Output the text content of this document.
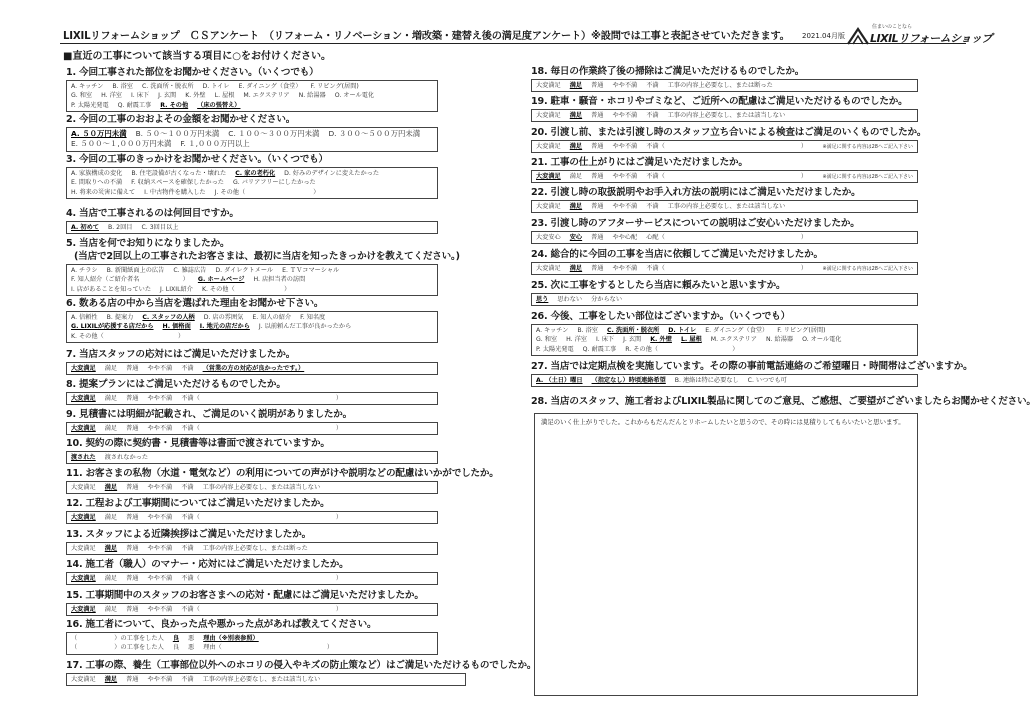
LIXILリフォームショップ　ＣＳアンケート　（リフォーム・リノベーション・増改築・建替え後の満足度アンケート）※設問では工事と表記させていただきます。 2021.04月版
住まいのことなら
LIXILリフォームショップ
■直近の工事について該当する項目に○をお付けください。
1. 今回工事された部位をお聞かせください。（いくつでも）
A. キッチン B. 浴室 C. 洗面所・脱衣所 D. トイレ E. ダイニング（食堂） F. リビング(居間)
G. 和室 H. 洋室 I. 床下 J. 玄関 K. 外壁 L. 屋根 M. エクステリア N. 給湯器 O. オール電化
P. 太陽光発電 Q. 耐震工事 R. その他 （床の張替え）
2. 今回の工事のおおよその金額をお聞かせください。
A. ５０万円未満 B. ５０～１００万円未満 C. １００～３００万円未満 D. ３００～５００万円未満
E. ５００～１,０００万円未満 F. １,０００万円以上
3. 今回の工事のきっかけをお聞かせください。（いくつでも）
A. 家族構成の変化 B. 住宅設備が古くなった・壊れた C. 家の老朽化 D. 好みのデザインに変えたかった
E. 間取りへの不満 F. 収納スペースを確保したかった G. バリアフリーにしたかった
H. 将来の災害に備えて I. 中古物件を購入した J. その他（　　　　　　　　　　　）
4. 当店で工事されるのは何回目ですか。
A. 初めて B. 2回目 C. 3回目以上
5. 当店を何でお知りになりましたか。
(当店で2回以上の工事されたお客さまは、最初に当店を知ったきっかけを教えてください。)
A. チラシ B. 新聞紙面上の広告 C. 雑誌広告 D. ダイレクトメール E. ＴＶコマーシャル
F. 知人紹介（ご紹介者名　　　　　　　） G. ホームページ H. 店担当者の訪問
I. 店があることを知っていた J. LIXIL紹介 K. その他（　　　　　　　　）
6. 数ある店の中から当店を選ばれた理由をお聞かせ下さい。
A. 信頼性 B. 提案力 C. スタッフの人柄 D. 店の雰囲気 E. 知人の紹介 F. 知名度
G. LIXILが応援する店だから H. 価格面 I. 地元の店だから J. 以前頼んだ工事が良かったから
K. その他（　　　　　　　　　　　　）
7. 当店スタッフの応対にはご満足いただけましたか。
大変満足 満足 普通 やや不満 不満 （営業の方の対応が良かったです。）
8. 提案プランにはご満足いただけるものでしたか。
大変満足 満足 普通 やや不満 不満（　　　　　　　　　　　　　　　　　　　　　　）
9. 見積書には明細が記載され、ご満足のいく説明がありましたか。
大変満足 満足 普通 やや不満 不満（　　　　　　　　　　　　　　　　　　　　　　）
10. 契約の際に契約書・見積書等は書面で渡されていますか。
渡された 渡されなかった
11. お客さまの私物（水道・電気など）の利用についての声がけや説明などの配慮はいかがでしたか。
大変満足 満足 普通 やや不満 不満 工事の内容上必要なし、または該当しない
12. 工程および工事期間についてはご満足いただけましたか。
大変満足 満足 普通 やや不満 不満（　　　　　　　　　　　　　　　　　　　　　　）
13. スタッフによる近隣挨拶はご満足いただけましたか。
大変満足 満足 普通 やや不満 不満 工事の内容上必要なし、または断った
14. 施工者（職人）のマナー・応対にはご満足いただけましたか。
大変満足 満足 普通 やや不満 不満（　　　　　　　　　　　　　　　　　　　　　　）
15. 工事期間中のスタッフのお客さまへの応対・配慮にはご満足いただけましたか。
大変満足 満足 普通 やや不満 不満（　　　　　　　　　　　　　　　　　　　　　　）
16. 施工者について、良かった点や悪かった点があれば教えてください。
（　　　　　　）の工事をした人 良 悪 理由（※別表参照）
（　　　　　　）の工事をした人 良 悪 理由（　　　　　　　　　　　　　　　　　）
17. 工事の際、養生（工事部位以外へのホコリの侵入やキズの防止策など）はご満足いただけるものでしたか。
大変満足 満足 普通 やや不満 不満 工事の内容上必要なし、または該当しない
18. 毎日の作業終了後の掃除はご満足いただけるものでしたか。
大変満足 満足 普通 やや不満 不満 工事の内容上必要なし、または断った
19. 駐車・騒音・ホコリやゴミなど、ご近所への配慮はご満足いただけるものでしたか。
大変満足 満足 普通 やや不満 不満 工事の内容上必要なし、または該当しない
20. 引渡し前、または引渡し時のスタッフ立ち合いによる検査はご満足のいくものでしたか。
大変満足 満足 普通 やや不満 不満（　　　　　　　　　　　　　　　　　　　　　　）	※満足に関する内容は28へご記入下さい
21. 工事の仕上がりにはご満足いただけましたか。
大変満足 満足 普通 やや不満 不満（　　　　　　　　　　　　　　　　　　　　　　）	※満足に関する内容は28へご記入下さい
22. 引渡し時の取扱説明やお手入れ方法の説明にはご満足いただけましたか。
大変満足 満足 普通 やや不満 不満 工事の内容上必要なし、または該当しない
23. 引渡し時のアフターサービスについての説明はご安心いただけましたか。
大変安心 安心 普通 やや心配 心配（　　　　　　　　　　　　　　　　　　　　　　）
24. 総合的に今回の工事を当店に依頼してご満足いただけましたか。
大変満足 満足 普通 やや不満 不満（　　　　　　　　　　　　　　　　　　　　　　）	※満足に関する内容は28へご記入下さい
25. 次に工事をするとしたら当店に頼みたいと思いますか。
思う 思わない 分からない
26. 今後、工事をしたい部位はございますか。（いくつでも）
A. キッチン B. 浴室 C. 洗面所・脱衣所 D. トイレ E. ダイニング（食堂） F. リビング(居間)
G. 和室 H. 洋室 I. 床下 J. 玄関 K. 外壁 L. 屋根 M. エクステリア N. 給湯器 O. オール電化
P. 太陽光発電 Q. 耐震工事 R. その他（　　　　　　　　　　　　）
27. 当店では定期点検を実施しています。その際の事前電話連絡のご希望曜日・時間帯はございますか。
A. （土日）曜日 （指定なし）時頃連絡希望 B. 連絡は特に必要なし C. いつでも可
28. 当店のスタッフ、施工者およびLIXIL製品に関してのご意見、ご感想、ご要望がございましたらお聞かせください。
満足のいく仕上がりでした。これからもだんだんとリホームしたいと思うので、その時には見積りしてもらいたいと思います。
